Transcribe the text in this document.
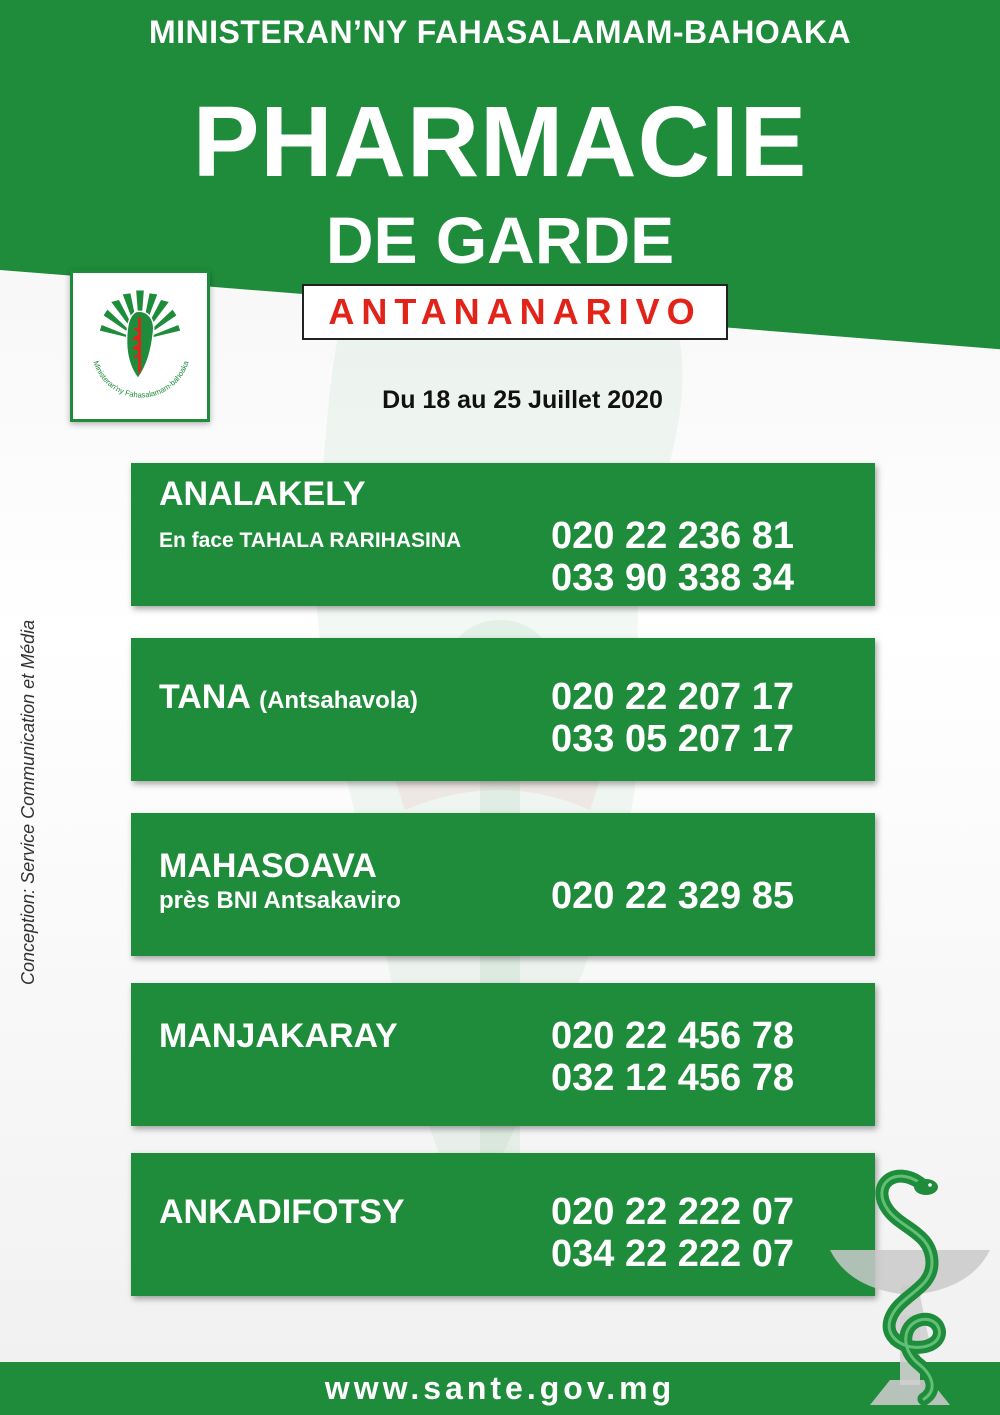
MINISTERAN’NY FAHASALAMAM-BAHOAKA
PHARMACIE
DE GARDE
ANTANANARIVO
Ministeran'ny Fahasalamam-bahoaka
Du 18 au 25 Juillet 2020
Conception: Service Communication et Média
ANALAKELY
En face TAHALA RARIHASINA 020 22 236 81
033 90 338 34
TANA (Antsahavola)	020 22 207 17
033 05 207 17
MAHASOAVA
près BNI Antsakaviro	020 22 329 85
MANJAKARAY	020 22 456 78
032 12 456 78
ANKADIFOTSY	020 22 222 07
034 22 222 07
www.sante.gov.mg
